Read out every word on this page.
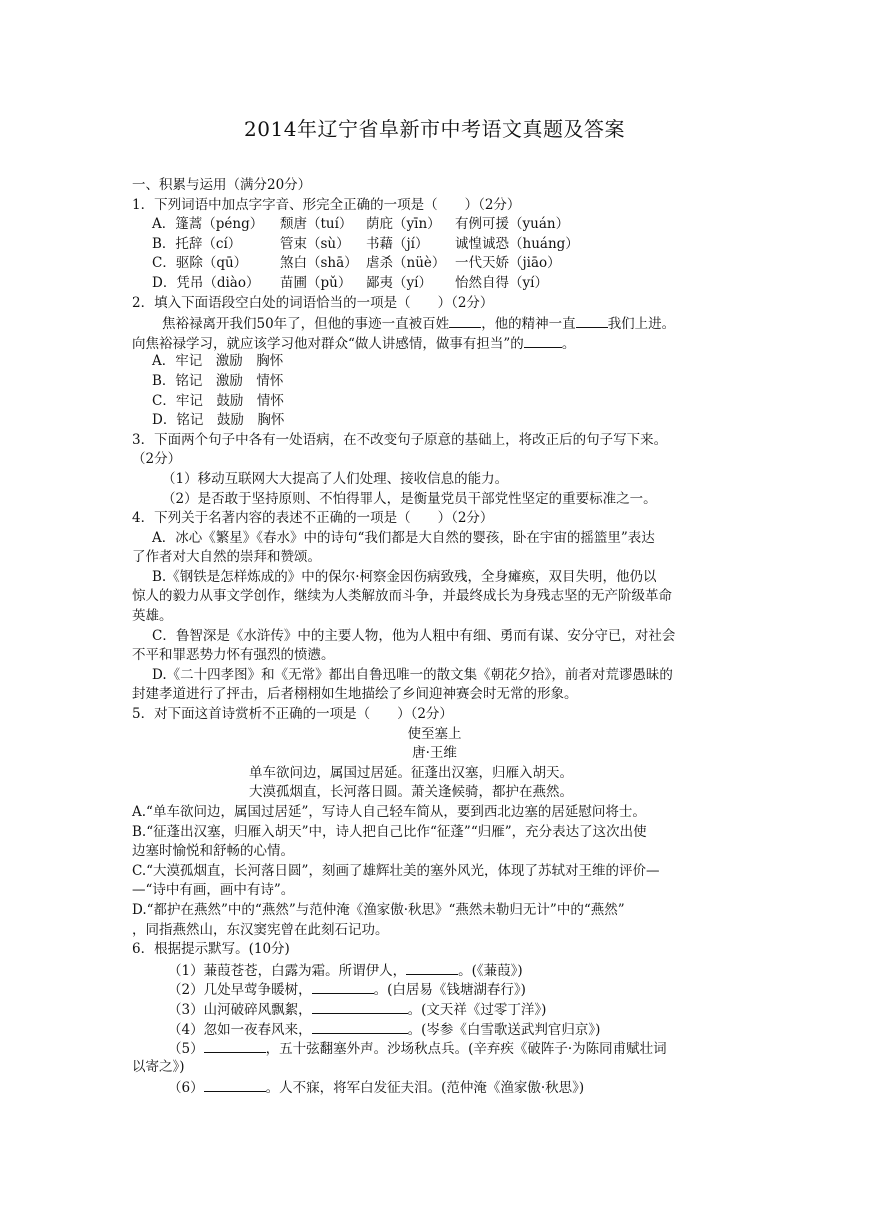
2014年辽宁省阜新市中考语文真题及答案
一、积累与运用（满分20分）
1．下列词语中加点字字音、形完全正确的一项是（　　）（2分）
A．篷蒿（péng）	颓唐（tuí）	荫庇（yīn）	有例可援（yuán）
B．托辞（cí）	管束（sù）	书藉（jí）	诚惶诚恐（huáng）
C．驱除（qū）	煞白（shā） 虐杀（nüè） 一代天娇（jiāo）
D．凭吊（diào）	苗圃（pǔ）	鄙夷（yí）	怡然自得（yí）
2．填入下面语段空白处的词语恰当的一项是（　　）（2分）
焦裕禄离开我们50年了，但他的事迹一直被百姓 ，他的精神一直 我们上进。
向焦裕禄学习，就应该学习他对群众“做人讲感情，做事有担当”的	。
A．牢记　激励　胸怀
B．铭记　激励　情怀
C．牢记　鼓励　情怀
D．铭记　鼓励　胸怀
3．下面两个句子中各有一处语病，在不改变句子原意的基础上，将改正后的句子写下来。
（2分）
（1）移动互联网大大提高了人们处理、接收信息的能力。
（2）是否敢于坚持原则、不怕得罪人，是衡量党员干部党性坚定的重要标准之一。
4．下列关于名著内容的表述不正确的一项是（　　）（2分）
A．冰心《繁星》《春水》中的诗句“我们都是大自然的婴孩，卧在宇宙的摇篮里”表达
了作者对大自然的崇拜和赞颂。
B.《钢铁是怎样炼成的》中的保尔·柯察金因伤病致残，全身瘫痪，双目失明，他仍以
惊人的毅力从事文学创作，继续为人类解放而斗争，并最终成长为身残志坚的无产阶级革命
英雄。
C．鲁智深是《水浒传》中的主要人物，他为人粗中有细、勇而有谋、安分守已，对社会
不平和罪恶势力怀有强烈的愤懑。
D.《二十四孝图》和《无常》都出自鲁迅唯一的散文集《朝花夕拾》，前者对荒谬愚昧的
封建孝道进行了抨击，后者栩栩如生地描绘了乡间迎神赛会时无常的形象。
5．对下面这首诗赏析不正确的一项是（　　）（2分）
使至塞上
唐·王维
单车欲问边，属国过居延。征蓬出汉塞，归雁入胡天。
大漠孤烟直，长河落日圆。萧关逢候骑，都护在燕然。
A.“单车欲问边，属国过居延”，写诗人自己轻车简从，要到西北边塞的居延慰问将士。
B.“征蓬出汉塞，归雁入胡天”中，诗人把自己比作“征蓬”“归雁”，充分表达了这次出使
边塞时愉悦和舒畅的心情。
C.“大漠孤烟直，长河落日圆”，刻画了雄辉壮美的塞外风光，体现了苏轼对王维的评价—
—“诗中有画，画中有诗”。
D.“都护在燕然”中的“燕然”与范仲淹《渔家傲·秋思》“燕然未勒归无计”中的“燕然”
，同指燕然山，东汉窦宪曾在此刻石记功。
6．根据提示默写。(10分)
（1）蒹葭苍苍，白露为霜。所谓伊人，	。(《蒹葭》)
（2）几处早莺争暖树，	。(白居易《钱塘湖春行》)
（3）山河破碎风飘絮，	。(文天祥《过零丁洋》)
（4）忽如一夜春风来，	。(岑参《白雪歌送武判官归京》)
（5）	，五十弦翻塞外声。沙场秋点兵。(辛弃疾《破阵子·为陈同甫赋壮词
以寄之》)
（6）	。人不寐，将军白发征夫泪。(范仲淹《渔家傲·秋思》)
